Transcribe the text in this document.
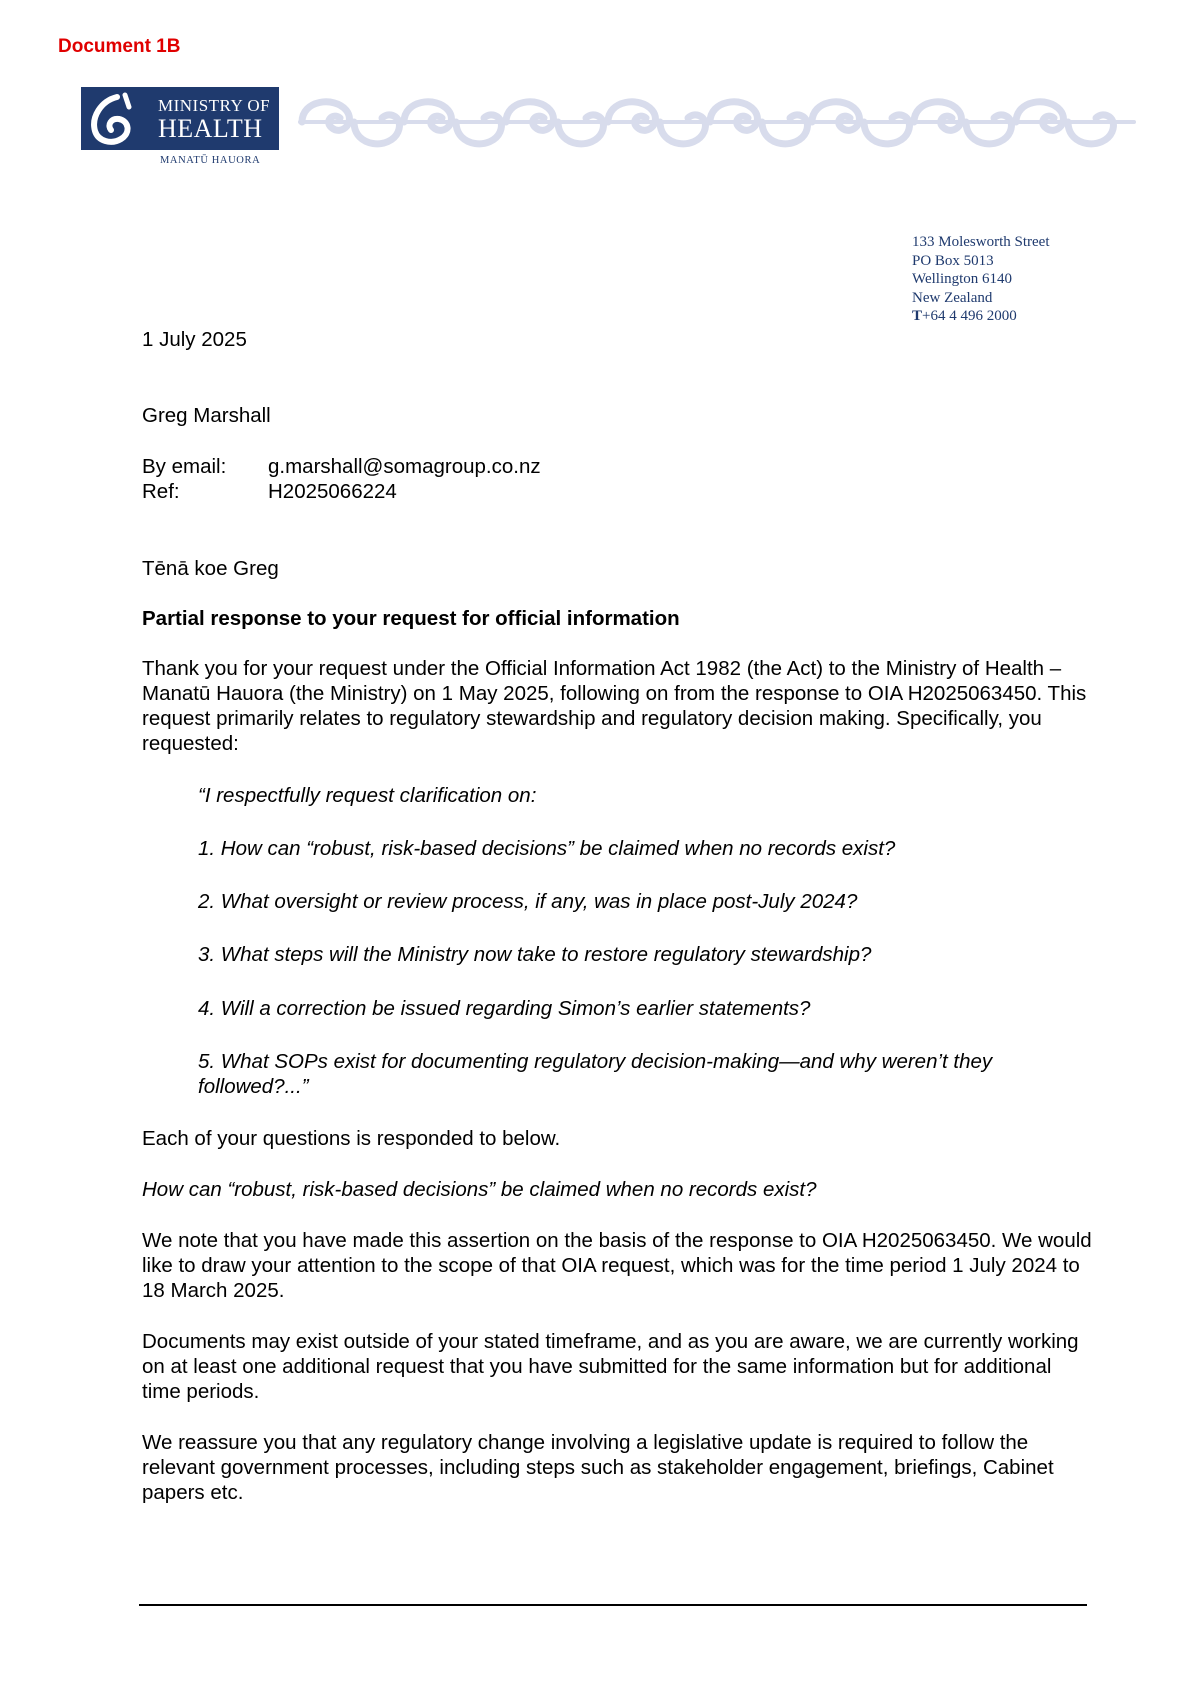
Document 1B
MINISTRY OF
HEALTH
MANATŪ HAUORA
133 Molesworth Street
PO Box 5013
Wellington 6140
New Zealand
T+64 4 496 2000
1 July 2025
Greg Marshall
By email: g.marshall@somagroup.co.nz
Ref:	H2025066224
Tēnā koe Greg
Partial response to your request for official information
Thank you for your request under the Official Information Act 1982 (the Act) to the Ministry of Health – Manatū Hauora (the Ministry) on 1 May 2025, following on from the response to OIA H2025063450. This request primarily relates to regulatory stewardship and regulatory decision making. Specifically, you requested:
“I respectfully request clarification on:
1. How can “robust, risk-based decisions” be claimed when no records exist?
2. What oversight or review process, if any, was in place post-July 2024?
3. What steps will the Ministry now take to restore regulatory stewardship?
4. Will a correction be issued regarding Simon’s earlier statements?
5. What SOPs exist for documenting regulatory decision-making—and why weren’t they followed?...”
Each of your questions is responded to below.
How can “robust, risk-based decisions” be claimed when no records exist?
We note that you have made this assertion on the basis of the response to OIA H2025063450. We would like to draw your attention to the scope of that OIA request, which was for the time period 1 July 2024 to 18 March 2025.
Documents may exist outside of your stated timeframe, and as you are aware, we are currently working on at least one additional request that you have submitted for the same information but for additional time periods.
We reassure you that any regulatory change involving a legislative update is required to follow the relevant government processes, including steps such as stakeholder engagement, briefings, Cabinet papers etc.
